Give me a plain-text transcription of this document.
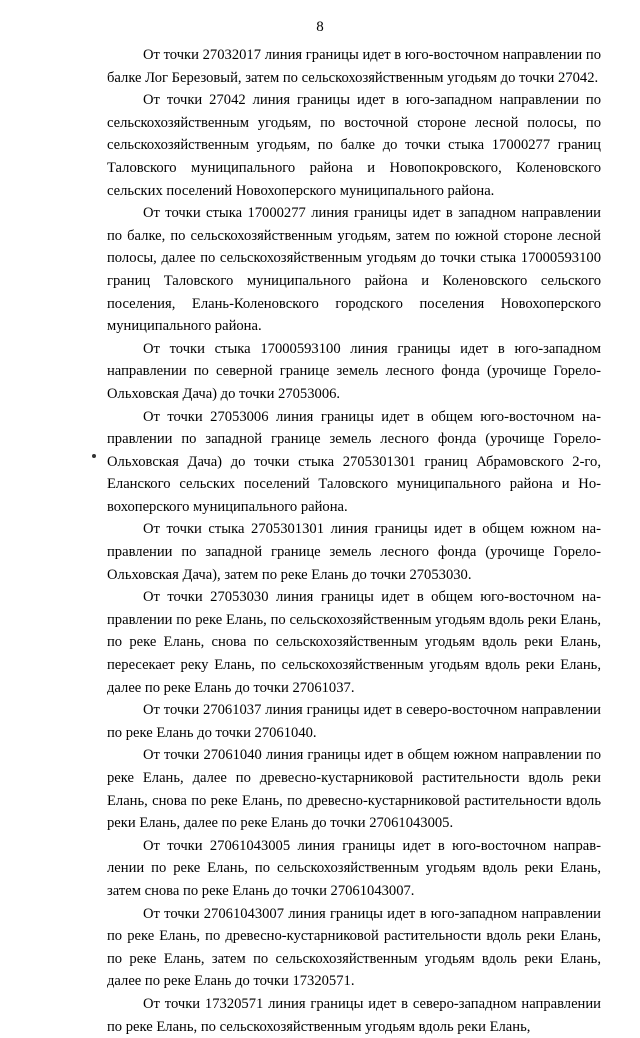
8

От точки 27032017 линия границы идет в юго-восточном направлении по балке Лог Березовый, затем по сельскохозяйственным угодьям до точки 27042.

От точки 27042 линия границы идет в юго-западном направлении по сельскохозяйственным угодьям, по восточной стороне лесной полосы, по сельскохозяйственным угодьям, по балке до точки стыка 17000277 границ Таловского муниципального района и Новопокровского, Коленовского сельских поселений Новохоперского муниципального района.

От точки стыка 17000277 линия границы идет в западном направлении по балке, по сельскохозяйственным угодьям, затем по южной стороне лесной полосы, далее по сельскохозяйственным угодьям до точки стыка 17000593100 границ Таловского муниципального района и Коленовского сельского поселения, Елань-Коленовского городского поселения Новохоперского муниципального района.

От точки стыка 17000593100 линия границы идет в юго-западном направлении по северной границе земель лесного фонда (урочище Горело-Ольховская Дача) до точки 27053006.

От точки 27053006 линия границы идет в общем юго-восточном направлении по западной границе земель лесного фонда (урочище Горело-Ольховская Дача) до точки стыка 2705301301 границ Абрамовского 2-го, Еланского сельских поселений Таловского муниципального района и Новохоперского муниципального района.

От точки стыка 2705301301 линия границы идет в общем южном направлении по западной границе земель лесного фонда (урочище Горело-Ольховская Дача), затем по реке Елань до точки 27053030.

От точки 27053030 линия границы идет в общем юго-восточном направлении по реке Елань, по сельскохозяйственным угодьям вдоль реки Елань, по реке Елань, снова по сельскохозяйственным угодьям вдоль реки Елань, пересекает реку Елань, по сельскохозяйственным угодьям вдоль реки Елань, далее по реке Елань до точки 27061037.

От точки 27061037 линия границы идет в северо-восточном направлении по реке Елань до точки 27061040.

От точки 27061040 линия границы идет в общем южном направлении по реке Елань, далее по древесно-кустарниковой растительности вдоль реки Елань, снова по реке Елань, по древесно-кустарниковой растительности вдоль реки Елань, далее по реке Елань до точки 27061043005.

От точки 27061043005 линия границы идет в юго-восточном направлении по реке Елань, по сельскохозяйственным угодьям вдоль реки Елань, затем снова по реке Елань до точки 27061043007.

От точки 27061043007 линия границы идет в юго-западном направлении по реке Елань, по древесно-кустарниковой растительности вдоль реки Елань, по реке Елань, затем по сельскохозяйственным угодьям вдоль реки Елань, далее по реке Елань до точки 17320571.

От точки 17320571 линия границы идет в северо-западном направлении по реке Елань, по сельскохозяйственным угодьям вдоль реки Елань,
